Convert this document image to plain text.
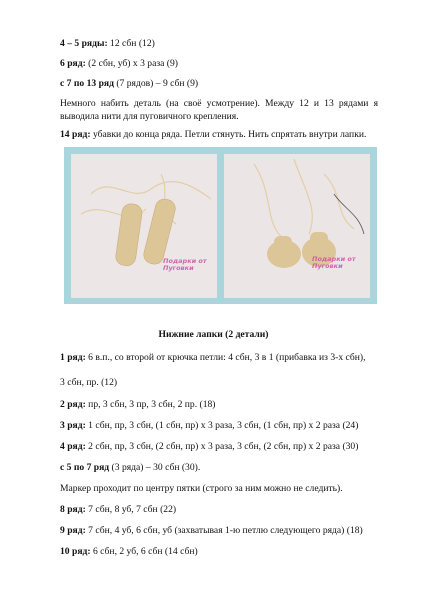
4 – 5 ряды: 12 сбн (12)
6 ряд: (2 сбн, уб) х 3 раза (9)
с 7 по 13 ряд (7 рядов) – 9 сбн (9)
Немного набить деталь (на своё усмотрение). Между 12 и 13 рядами я выводила нити для пуговичного крепления.
14 ряд: убавки до конца ряда. Петли стянуть. Нить спрятать внутри лапки.
Подарки от
Пуговки
Подарки от
Пуговки
Нижние лапки (2 детали)
1 ряд: 6 в.п., со второй от крючка петли: 4 сбн, 3 в 1 (прибавка из 3-х сбн),
3 сбн, пр. (12)
2 ряд: пр, 3 сбн, 3 пр, 3 сбн, 2 пр. (18)
3 ряд: 1 сбн, пр, 3 сбн, (1 сбн, пр) х 3 раза, 3 сбн, (1 сбн, пр) х 2 раза (24)
4 ряд: 2 сбн, пр, 3 сбн, (2 сбн, пр) х 3 раза, 3 сбн, (2 сбн, пр) х 2 раза (30)
с 5 по 7 ряд (3 ряда) – 30 сбн (30).
Маркер проходит по центру пятки (строго за ним можно не следить).
8 ряд: 7 сбн, 8 уб, 7 сбн (22)
9 ряд: 7 сбн, 4 уб, 6 сбн, уб (захватывая 1-ю петлю следующего ряда) (18)
10 ряд: 6 сбн, 2 уб, 6 сбн (14 сбн)
